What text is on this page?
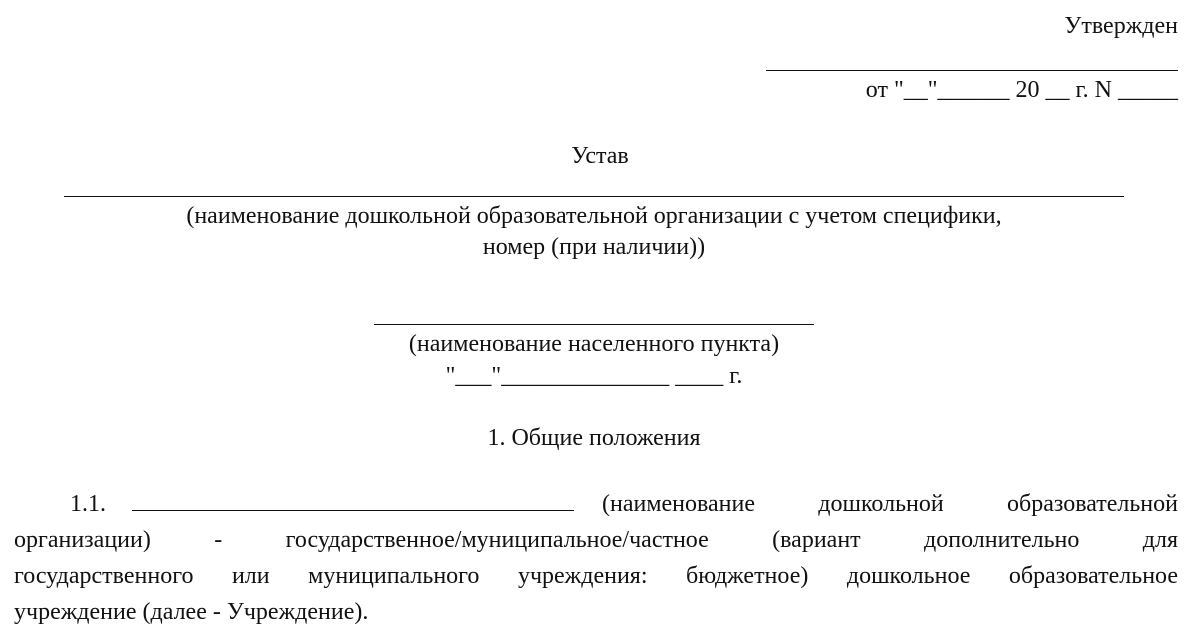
Утвержден
от "__"______ 20 __ г. N _____
Устав
(наименование дошкольной образовательной организации с учетом специфики,
номер (при наличии))
(наименование населенного пункта)
"___"______________ ____ г.
1. Общие положения
1.1.	(наименование дошкольной образовательной
организации) - государственное/муниципальное/частное (вариант дополнительно для
государственного или муниципального учреждения: бюджетное) дошкольное образовательное
учреждение (далее - Учреждение).
